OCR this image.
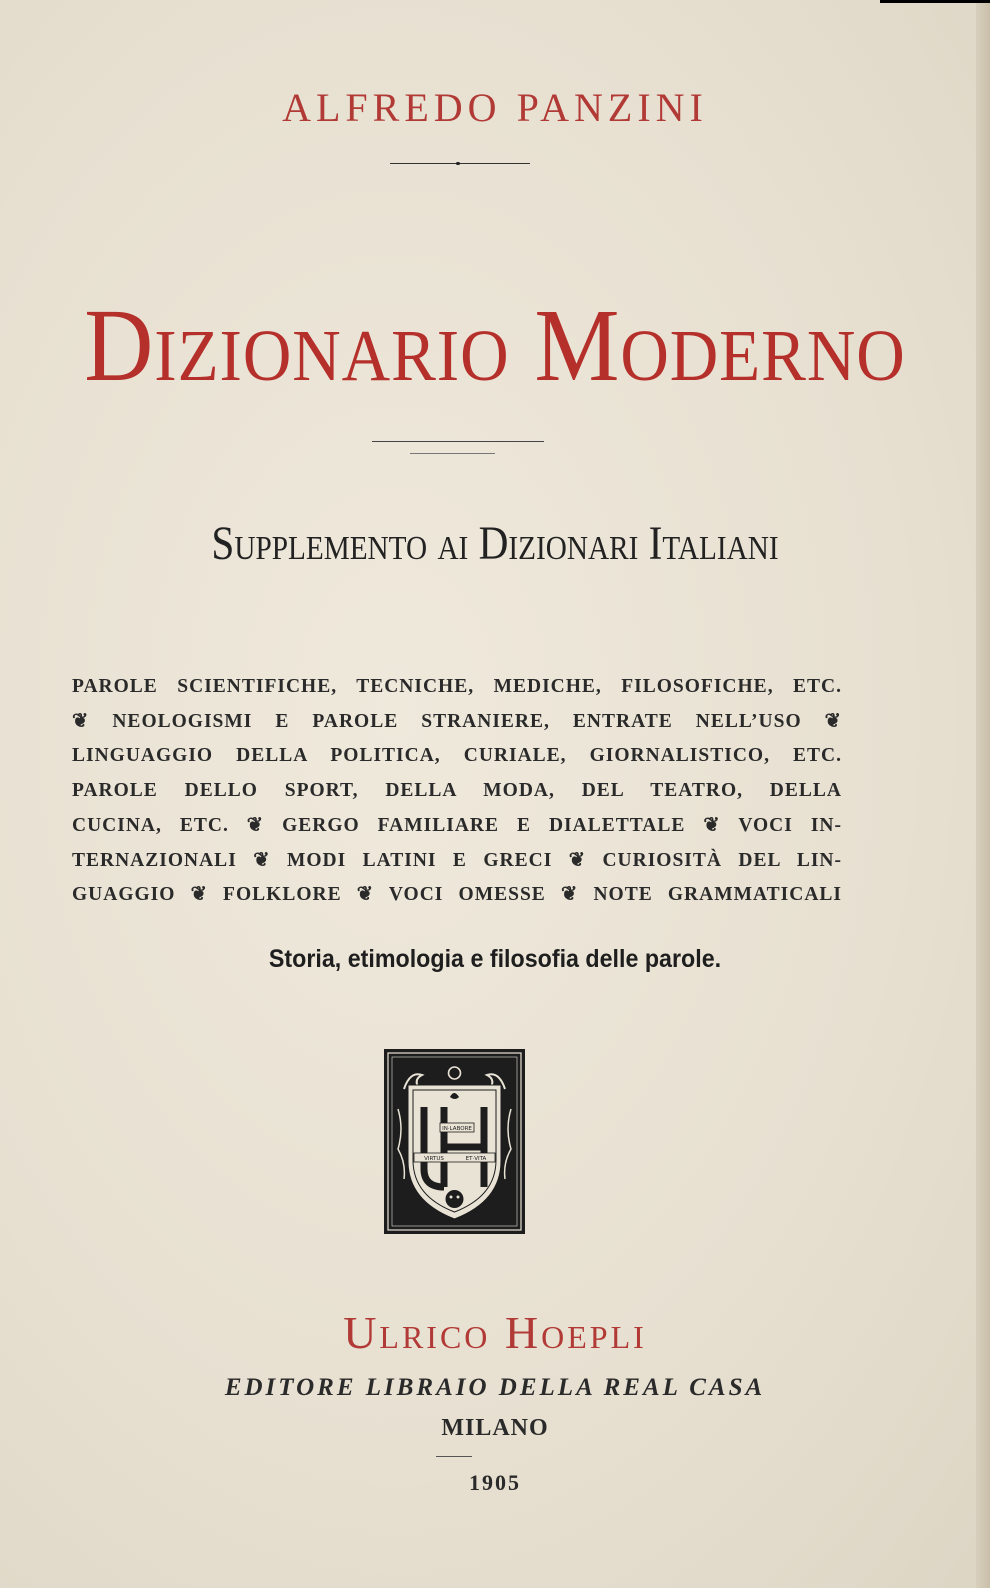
ALFREDO PANZINI
Dizionario Moderno
Supplemento ai Dizionari Italiani
PAROLE SCIENTIFICHE, TECNICHE, MEDICHE, FILOSOFICHE, ETC.
❦ NEOLOGISMI E PAROLE STRANIERE, ENTRATE NELL’USO ❦
LINGUAGGIO DELLA POLITICA, CURIALE, GIORNALISTICO, ETC.
PAROLE DELLO SPORT, DELLA MODA, DEL TEATRO, DELLA
CUCINA, ETC. ❦ GERGO FAMILIARE E DIALETTALE ❦ VOCI IN-
TERNAZIONALI ❦ MODI LATINI E GRECI ❦ CURIOSITÀ DEL LIN-
GUAGGIO ❦ FOLKLORE ❦ VOCI OMESSE ❦ NOTE GRAMMATICALI
Storia, etimologia e filosofia delle parole.
IN·LABORE
VIRTUS	ET·VITA
Ulrico Hoepli
EDITORE LIBRAIO DELLA REAL CASA
MILANO
1905
